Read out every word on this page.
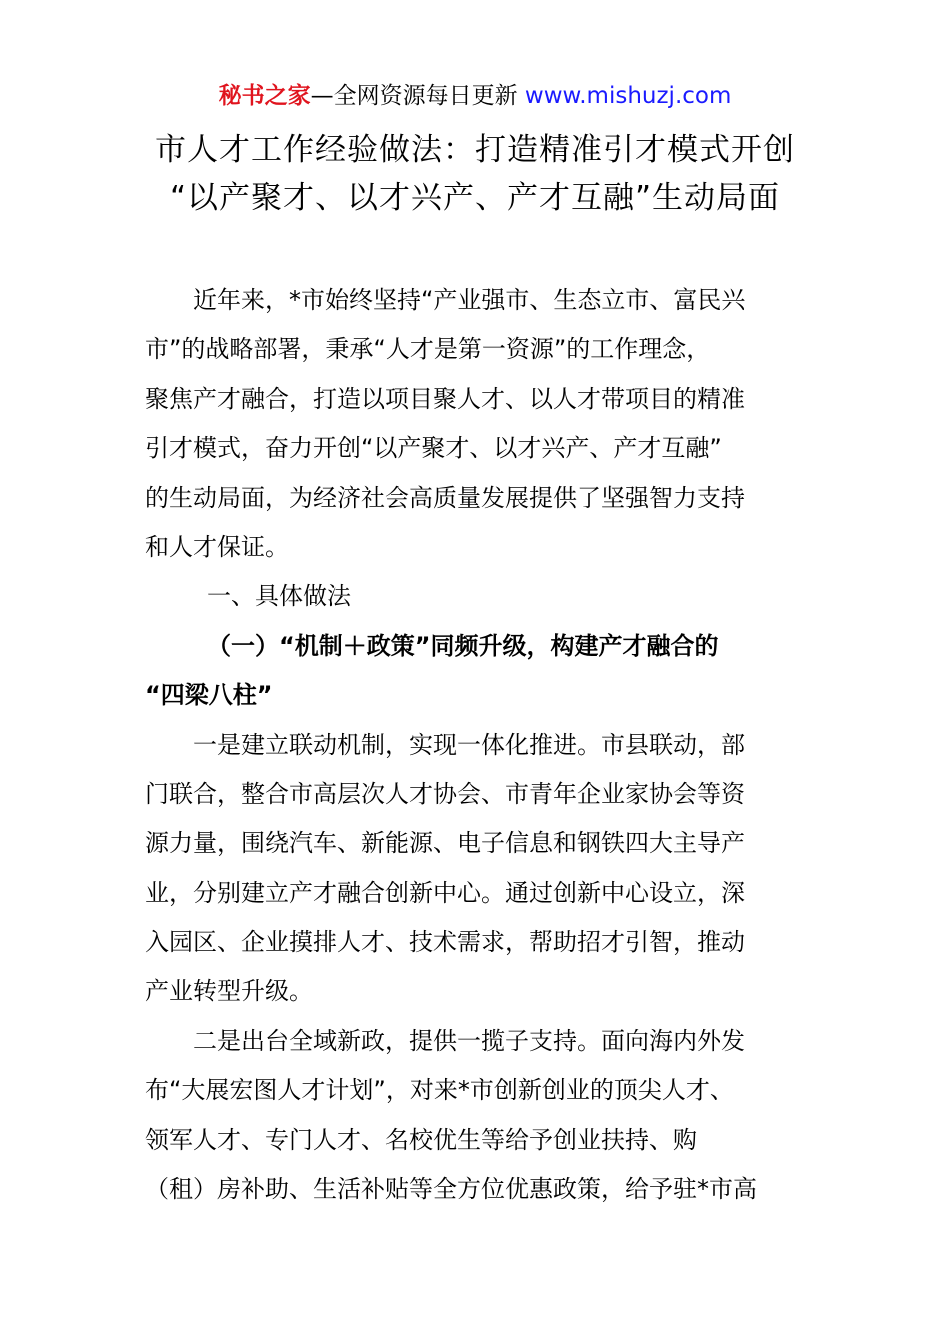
秘书之家—全网资源每日更新 www.mishuzj.com
市人才工作经验做法：打造精准引才模式开创
“以产聚才、以才兴产、产才互融”生动局面
近年来，*市始终坚持“产业强市、生态立市、富民兴
市”的战略部署，秉承“人才是第一资源”的工作理念，
聚焦产才融合，打造以项目聚人才、以人才带项目的精准
引才模式，奋力开创“以产聚才、以才兴产、产才互融”
的生动局面，为经济社会高质量发展提供了坚强智力支持
和人才保证。
一、具体做法
（一）“机制＋政策”同频升级，构建产才融合的
“四梁八柱”
一是建立联动机制，实现一体化推进。市县联动，部
门联合，整合市高层次人才协会、市青年企业家协会等资
源力量，围绕汽车、新能源、电子信息和钢铁四大主导产
业，分别建立产才融合创新中心。通过创新中心设立，深
入园区、企业摸排人才、技术需求，帮助招才引智，推动
产业转型升级。
二是出台全域新政，提供一揽子支持。面向海内外发
布“大展宏图人才计划”，对来*市创新创业的顶尖人才、
领军人才、专门人才、名校优生等给予创业扶持、购
（租）房补助、生活补贴等全方位优惠政策，给予驻*市高
